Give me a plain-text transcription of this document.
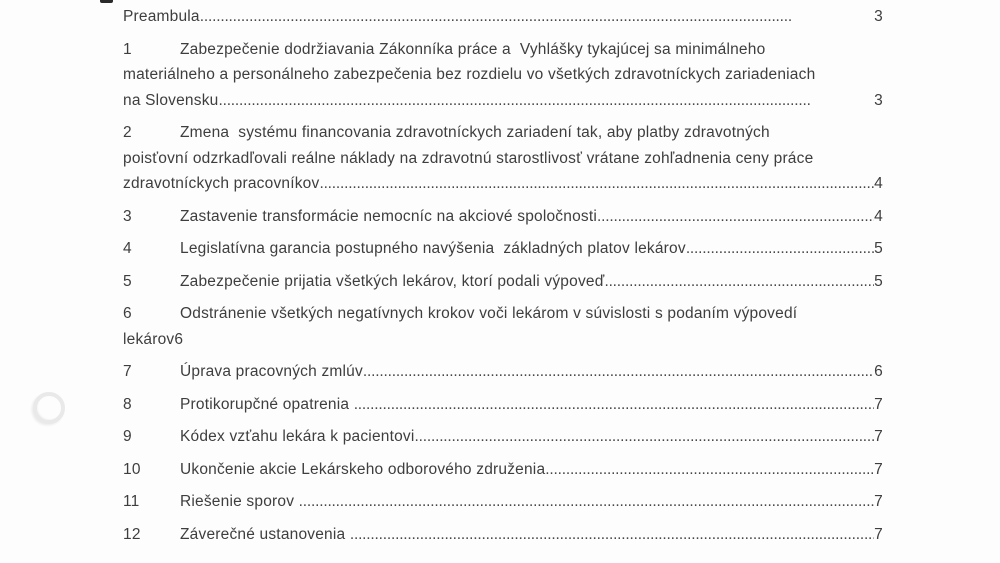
Preambula . . .	3
1	Zabezpečenie dodržiavania Zákonníka práce a  Vyhlášky tykajúcej sa minimálneho
materiálneho a personálneho zabezpečenia bez rozdielu vo všetkých zdravotníckych zariadeniach
na Slovensku . . .	3
2	Zmena  systému financovania zdravotníckych zariadení tak, aby platby zdravotných
poisťovní odzrkadľovali reálne náklady na zdravotnú starostlivosť vrátane zohľadnenia ceny práce
zdravotníckych pracovníkov . . .	4
3	Zastavenie transformácie nemocníc na akciové spoločnosti . . .	4
4	Legislatívna garancia postupného navýšenia  základných platov lekárov . . .	5
5	Zabezpečenie prijatia všetkých lekárov, ktorí podali výpoveď . . .	5
6	Odstránenie všetkých negatívnych krokov voči lekárom v súvislosti s podaním výpovedí
lekárov 6
7	Úprava pracovných zmlúv . . .	6
8	Protikorupčné opatrenia . . .	7
9	Kódex vzťahu lekára k pacientovi . . .	7
10	Ukončenie akcie Lekárskeho odborového združenia . . .	7
11	Riešenie sporov . . .	7
12	Záverečné ustanovenia . . .	7
